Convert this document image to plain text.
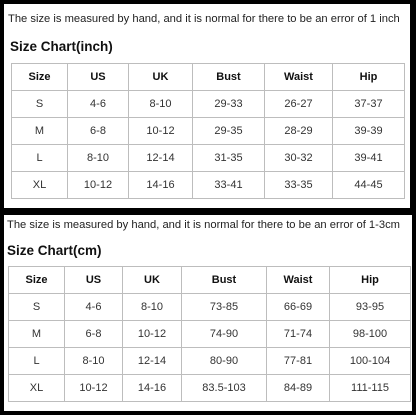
The size is measured by hand, and it is normal for there to be an error of 1 inch
Size Chart(inch)
Size	US	UK	Bust	Waist	Hip
S	4-6	8-10	29-33	26-27	37-37
M	6-8	10-12	29-35	28-29	39-39
L	8-10	12-14	31-35	30-32	39-41
XL	10-12	14-16	33-41	33-35	44-45
The size is measured by hand, and it is normal for there to be an error of 1-3cm
Size Chart(cm)
Size	US	UK	Bust	Waist	Hip
S	4-6	8-10	73-85	66-69	93-95
M	6-8	10-12	74-90	71-74	98-100
L	8-10	12-14	80-90	77-81	100-104
XL	10-12	14-16	83.5-103	84-89	111-115
